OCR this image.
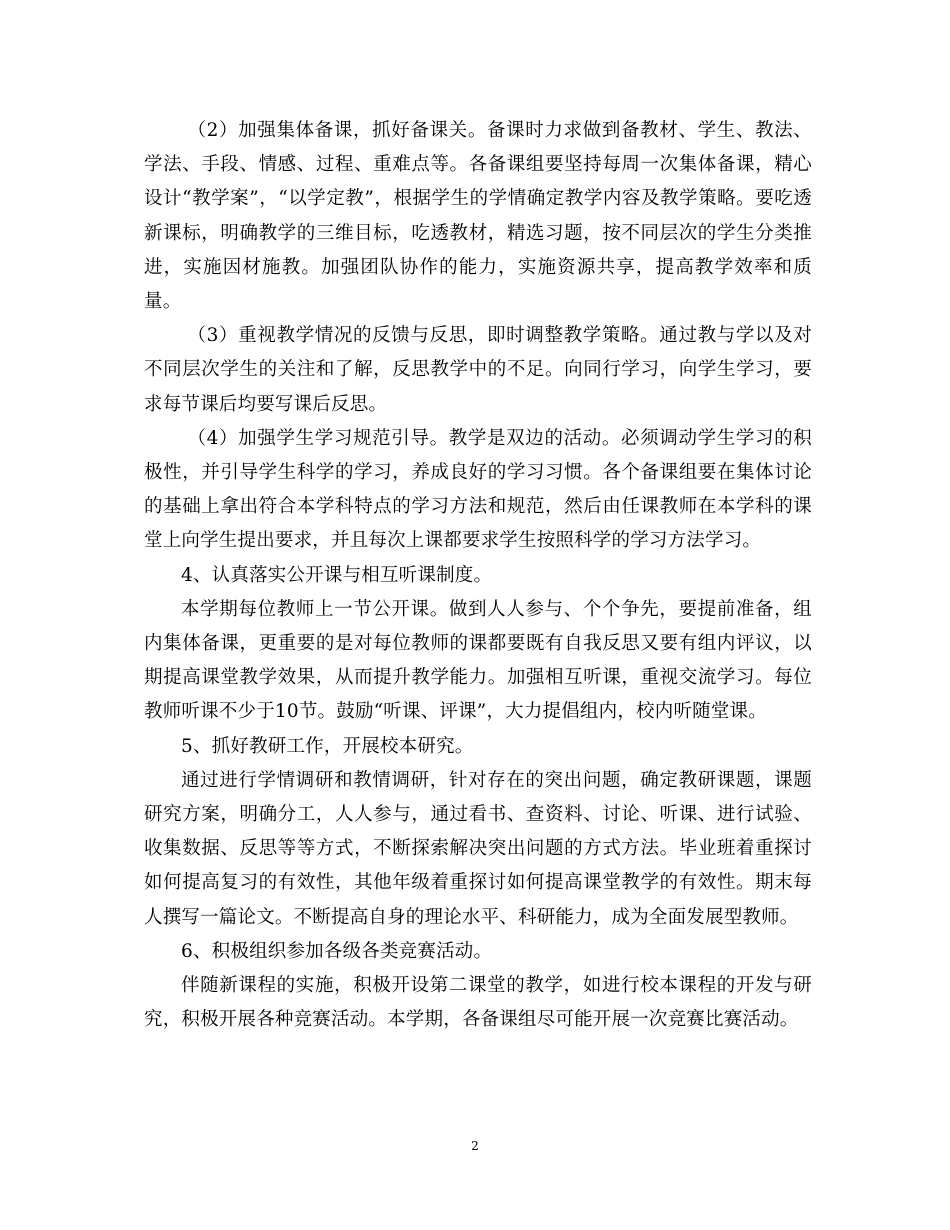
（2）加强集体备课，抓好备课关。备课时力求做到备教材、学生、教法、学法、手段、情感、过程、重难点等。各备课组要坚持每周一次集体备课，精心设计“教学案”，“以学定教”，根据学生的学情确定教学内容及教学策略。要吃透新课标，明确教学的三维目标，吃透教材，精选习题，按不同层次的学生分类推进，实施因材施教。加强团队协作的能力，实施资源共享，提高教学效率和质量。

（3）重视教学情况的反馈与反思，即时调整教学策略。通过教与学以及对不同层次学生的关注和了解，反思教学中的不足。向同行学习，向学生学习，要求每节课后均要写课后反思。

（4）加强学生学习规范引导。教学是双边的活动。必须调动学生学习的积极性，并引导学生科学的学习，养成良好的学习习惯。各个备课组要在集体讨论的基础上拿出符合本学科特点的学习方法和规范，然后由任课教师在本学科的课堂上向学生提出要求，并且每次上课都要求学生按照科学的学习方法学习。

4、认真落实公开课与相互听课制度。

本学期每位教师上一节公开课。做到人人参与、个个争先，要提前准备，组内集体备课，更重要的是对每位教师的课都要既有自我反思又要有组内评议，以期提高课堂教学效果，从而提升教学能力。加强相互听课，重视交流学习。每位教师听课不少于10节。鼓励“听课、评课”，大力提倡组内，校内听随堂课。

5、抓好教研工作，开展校本研究。

通过进行学情调研和教情调研，针对存在的突出问题，确定教研课题，课题研究方案，明确分工，人人参与，通过看书、查资料、讨论、听课、进行试验、收集数据、反思等等方式，不断探索解决突出问题的方式方法。毕业班着重探讨如何提高复习的有效性，其他年级着重探讨如何提高课堂教学的有效性。期末每人撰写一篇论文。不断提高自身的理论水平、科研能力，成为全面发展型教师。

6、积极组织参加各级各类竞赛活动。

伴随新课程的实施，积极开设第二课堂的教学，如进行校本课程的开发与研究，积极开展各种竞赛活动。本学期，各备课组尽可能开展一次竞赛比赛活动。

2
